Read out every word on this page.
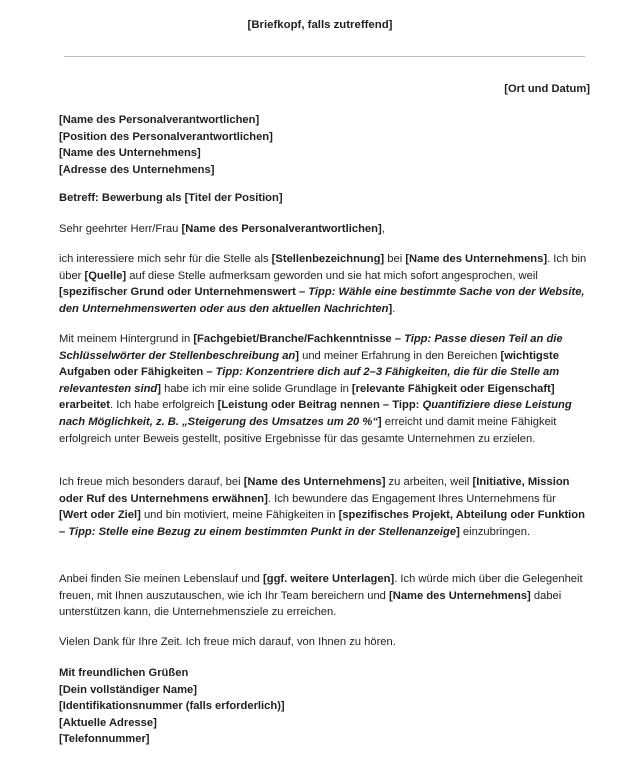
[Briefkopf, falls zutreffend]
[Ort und Datum]
[Name des Personalverantwortlichen]
[Position des Personalverantwortlichen]
[Name des Unternehmens]
[Adresse des Unternehmens]
Betreff: Bewerbung als [Titel der Position]

Sehr geehrter Herr/Frau [Name des Personalverantwortlichen],

ich interessiere mich sehr für die Stelle als [Stellenbezeichnung] bei [Name des Unternehmens]. Ich bin über [Quelle] auf diese Stelle aufmerksam geworden und sie hat mich sofort angesprochen, weil [spezifischer Grund oder Unternehmenswert – Tipp: Wähle eine bestimmte Sache von der Website, den Unternehmenswerten oder aus den aktuellen Nachrichten].

Mit meinem Hintergrund in [Fachgebiet/Branche/Fachkenntnisse – Tipp: Passe diesen Teil an die Schlüsselwörter der Stellenbeschreibung an] und meiner Erfahrung in den Bereichen [wichtigste Aufgaben oder Fähigkeiten – Tipp: Konzentriere dich auf 2–3 Fähigkeiten, die für die Stelle am relevantesten sind] habe ich mir eine solide Grundlage in [relevante Fähigkeit oder Eigenschaft] erarbeitet. Ich habe erfolgreich [Leistung oder Beitrag nennen – Tipp: Quantifiziere diese Leistung nach Möglichkeit, z. B. „Steigerung des Umsatzes um 20 %“] erreicht und damit meine Fähigkeit erfolgreich unter Beweis gestellt, positive Ergebnisse für das gesamte Unternehmen zu erzielen.

Ich freue mich besonders darauf, bei [Name des Unternehmens] zu arbeiten, weil [Initiative, Mission oder Ruf des Unternehmens erwähnen]. Ich bewundere das Engagement Ihres Unternehmens für [Wert oder Ziel] und bin motiviert, meine Fähigkeiten in [spezifisches Projekt, Abteilung oder Funktion – Tipp: Stelle eine Bezug zu einem bestimmten Punkt in der Stellenanzeige] einzubringen.

Anbei finden Sie meinen Lebenslauf und [ggf. weitere Unterlagen]. Ich würde mich über die Gelegenheit freuen, mit Ihnen auszutauschen, wie ich Ihr Team bereichern und [Name des Unternehmens] dabei unterstützen kann, die Unternehmensziele zu erreichen.

Vielen Dank für Ihre Zeit. Ich freue mich darauf, von Ihnen zu hören.

Mit freundlichen Grüßen
[Dein vollständiger Name]
[Identifikationsnummer (falls erforderlich)]
[Aktuelle Adresse]
[Telefonnummer]
